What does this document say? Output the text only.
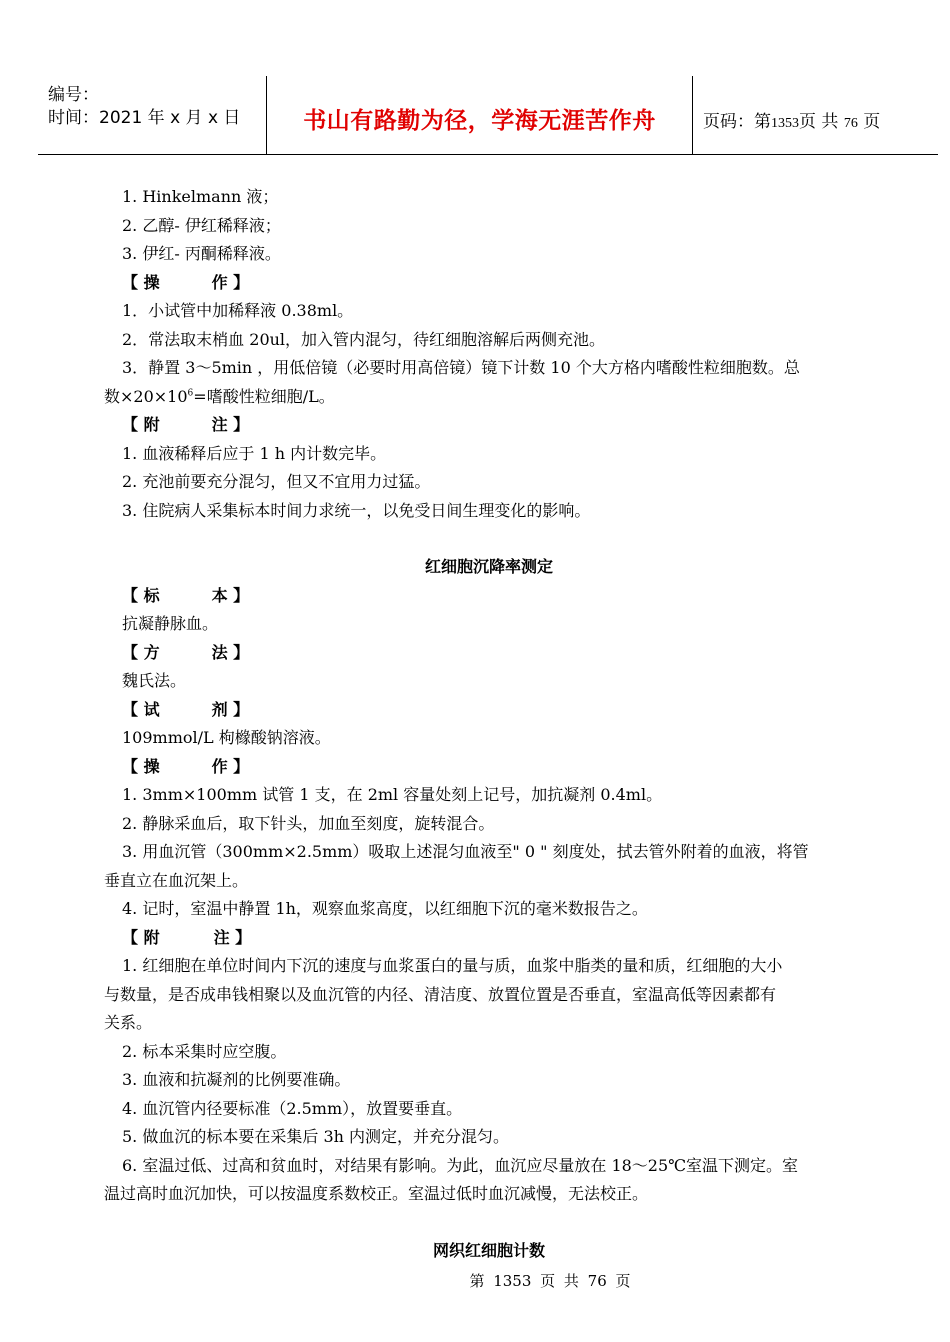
编号：
时间：2021 年 x 月 x 日	书山有路勤为径，学海无涯苦作舟	页码：第1353页 共 76 页
1. Hinkelmann 液；
2. 乙醇- 伊红稀释液；
3. 伊红- 丙酮稀释液。
【 操	作 】
1．小试管中加稀释液 0.38ml。
2．常法取末梢血 20ul，加入管内混匀，待红细胞溶解后两侧充池。
3．静置 3～5min ，用低倍镜（必要时用高倍镜）镜下计数 10 个大方格内嗜酸性粒细胞数。总
数$\times 20\times 10^6=$嗜酸性粒细胞/L。
【 附	注 】
1. 血液稀释后应于 1 h 内计数完毕。
2. 充池前要充分混匀，但又不宜用力过猛。
3. 住院病人采集标本时间力求统一，以免受日间生理变化的影响。
红细胞沉降率测定
【 标	本 】
抗凝静脉血。
【 方	法 】
魏氏法。
【 试	剂 】
109mmol/L 枸橼酸钠溶液。
【 操	作 】
1. 3mm×100mm 试管 1 支，在 2ml 容量处刻上记号，加抗凝剂 0.4ml。
2. 静脉采血后，取下针头，加血至刻度，旋转混合。
3. 用血沉管（300mm×2.5mm）吸取上述混匀血液至" 0 " 刻度处，拭去管外附着的血液，将管
垂直立在血沉架上。
4. 记时，室温中静置 1h，观察血浆高度，以红细胞下沉的毫米数报告之。
【 附	注 】
1. 红细胞在单位时间内下沉的速度与血浆蛋白的量与质，血浆中脂类的量和质，红细胞的大小
与数量，是否成串钱相聚以及血沉管的内径、清洁度、放置位置是否垂直，室温高低等因素都有
关系。
2. 标本采集时应空腹。
3. 血液和抗凝剂的比例要准确。
4. 血沉管内径要标准（2.5mm），放置要垂直。
5. 做血沉的标本要在采集后 3h 内测定，并充分混匀。
6. 室温过低、过高和贫血时，对结果有影响。为此，血沉应尽量放在 18～25℃室温下测定。室
温过高时血沉加快，可以按温度系数校正。室温过低时血沉减慢，无法校正。
网织红细胞计数
第 1353 页 共 76 页
